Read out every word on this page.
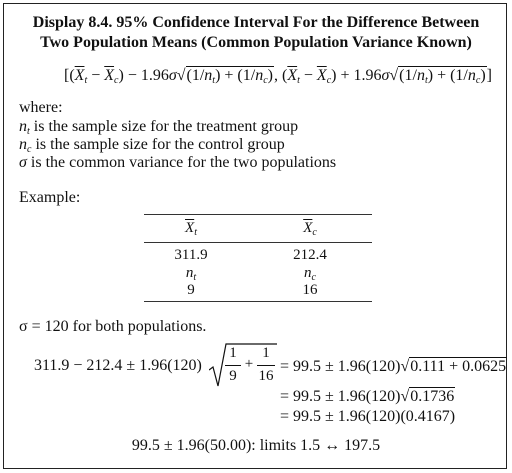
Display 8.4. 95% Confidence Interval For the Difference Between
Two Population Means (Common Population Variance Known)
[$(\overline{X}_t - \overline{X}_c) - 1.96\sigma√(1/n_t) + (1/n_c)$, $(\overline{X}_t - \overline{X}_c) + 1.96\sigma√(1/n_t) + (1/n_c)$]
where:
$n_t$ is the sample size for the treatment group
$n_c$ is the sample size for the control group
σ is the common variance for the two populations
Example:
$\overline{X}_t$	$\overline{X}_c$
311.9	212.4
$n_t$	$n_c$
9	16
σ = 120 for both populations.
311.9 − 212.4 ± 1.96(120)
1
9
+
1
16
= 99.5 ± 1.96(120)√0.111 + 0.0625
= 99.5 ± 1.96(120)√0.1736
= 99.5 ± 1.96(120)(0.4167)
99.5 ± 1.96(50.00): limits 1.5 ↔ 197.5
